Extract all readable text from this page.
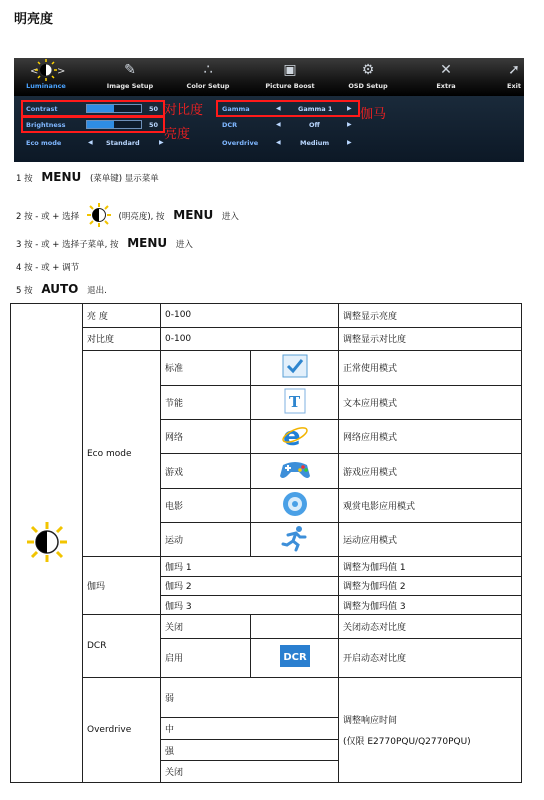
明亮度
< >
Luminance
✎
Image Setup
∴
Color Setup
▣
Picture Boost
⚙
OSD Setup
✕
Extra
➚
Exit
Contrast	50
Brightness	50
Eco mode	◀ Standard	▶
Gamma	◀	Gamma 1 ▶
DCR	◀	Off	▶
Overdrive	◀	Medium	▶
对比度
亮度
伽马
1 按 MENU (菜单键) 显示菜单
2 按 - 或 + 选择	(明亮度), 按 MENU 进入
3 按 - 或 + 选择子菜单, 按 MENU 进入
4 按 - 或 + 调节
5 按 AUTO 退出.
	亮 度	0-100		调整显示亮度
	对比度	0-100		调整显示对比度
	Eco mode	标准		正常使用模式
		节能	T	文本应用模式
		网络	e	网络应用模式
		游戏		游戏应用模式
		电影		观赏电影应用模式
		运动		运动应用模式
	伽玛	伽玛 1		调整为伽玛值 1
		伽玛 2		调整为伽玛值 2
		伽玛 3		调整为伽玛值 3
	DCR	关闭		关闭动态对比度
		启用	DCR	开启动态对比度
	Overdrive	弱		调整响应时间
(仅限 E2770PQU/Q2770PQU)

		中		
		强		
		关闭		
